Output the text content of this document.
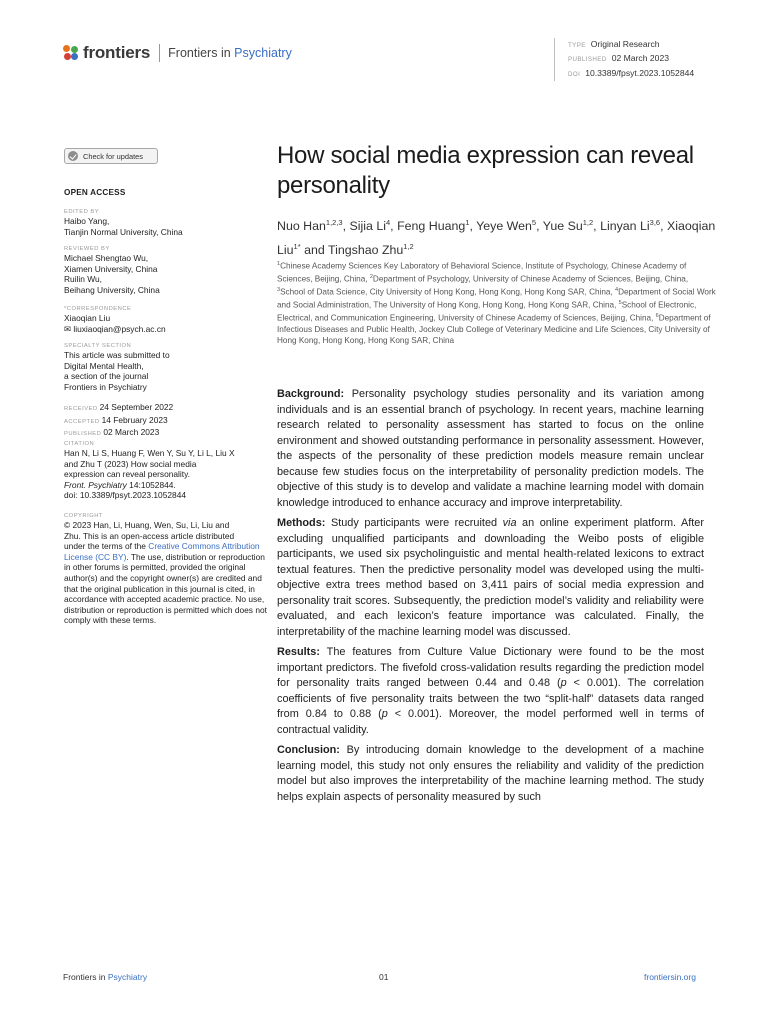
frontiers Frontiers in Psychiatry
TYPE Original Research
PUBLISHED 02 March 2023
DOI 10.3389/fpsyt.2023.1052844
Check for updates
OPEN ACCESS
EDITED BY
Haibo Yang,
Tianjin Normal University, China
REVIEWED BY
Michael Shengtao Wu,
Xiamen University, China
Ruilin Wu,
Beihang University, China
*CORRESPONDENCE
Xiaoqian Liu
✉ liuxiaoqian@psych.ac.cn
SPECIALTY SECTION
This article was submitted to
Digital Mental Health,
a section of the journal
Frontiers in Psychiatry
RECEIVED 24 September 2022
ACCEPTED 14 February 2023
PUBLISHED 02 March 2023
CITATION
Han N, Li S, Huang F, Wen Y, Su Y, Li L, Liu X
and Zhu T (2023) How social media
expression can reveal personality.
Front. Psychiatry 14:1052844.
doi: 10.3389/fpsyt.2023.1052844
COPYRIGHT
© 2023 Han, Li, Huang, Wen, Su, Li, Liu and
Zhu. This is an open-access article distributed
under the terms of the Creative Commons Attribution License (CC BY). The use, distribution or reproduction in other forums is permitted, provided the original author(s) and the copyright owner(s) are credited and that the original publication in this journal is cited, in accordance with accepted academic practice. No use, distribution or reproduction is permitted which does not comply with these terms.
How social media expression can reveal personality
Nuo Han$^{1,2,3}$, Sijia Li$^4$, Feng Huang$^1$, Yeye Wen$^5$, Yue Su$^{1,2}$, Linyan Li$^{3,6}$, Xiaoqian Liu$^{1*}$ and Tingshao Zhu$^{1,2}$
$^1$Chinese Academy Sciences Key Laboratory of Behavioral Science, Institute of Psychology, Chinese Academy of Sciences, Beijing, China, $^2$Department of Psychology, University of Chinese Academy of Sciences, Beijing, China, $^3$School of Data Science, City University of Hong Kong, Hong Kong, Hong Kong SAR, China, $^4$Department of Social Work and Social Administration, The University of Hong Kong, Hong Kong, Hong Kong SAR, China, $^5$School of Electronic, Electrical, and Communication Engineering, University of Chinese Academy of Sciences, Beijing, China, $^6$Department of Infectious Diseases and Public Health, Jockey Club College of Veterinary Medicine and Life Sciences, City University of Hong Kong, Hong Kong, Hong Kong SAR, China

Background: Personality psychology studies personality and its variation among individuals and is an essential branch of psychology. In recent years, machine learning research related to personality assessment has started to focus on the online environment and showed outstanding performance in personality assessment. However, the aspects of the personality of these prediction models measure remain unclear because few studies focus on the interpretability of personality prediction models. The objective of this study is to develop and validate a machine learning model with domain knowledge introduced to enhance accuracy and improve interpretability.

Methods: Study participants were recruited via an online experiment platform. After excluding unqualified participants and downloading the Weibo posts of eligible participants, we used six psycholinguistic and mental health-related lexicons to extract textual features. Then the predictive personality model was developed using the multi-objective extra trees method based on 3,411 pairs of social media expression and personality trait scores. Subsequently, the prediction model’s validity and reliability were evaluated, and each lexicon’s feature importance was calculated. Finally, the interpretability of the machine learning model was discussed.

Results: The features from Culture Value Dictionary were found to be the most important predictors. The fivefold cross-validation results regarding the prediction model for personality traits ranged between 0.44 and 0.48 (p < 0.001). The correlation coefficients of five personality traits between the two “split-half” datasets data ranged from 0.84 to 0.88 (p < 0.001). Moreover, the model performed well in terms of contractual validity.

Conclusion: By introducing domain knowledge to the development of a machine learning model, this study not only ensures the reliability and validity of the prediction model but also improves the interpretability of the machine learning method. The study helps explain aspects of personality measured by such

Frontiers in Psychiatry	01	frontiersin.org
